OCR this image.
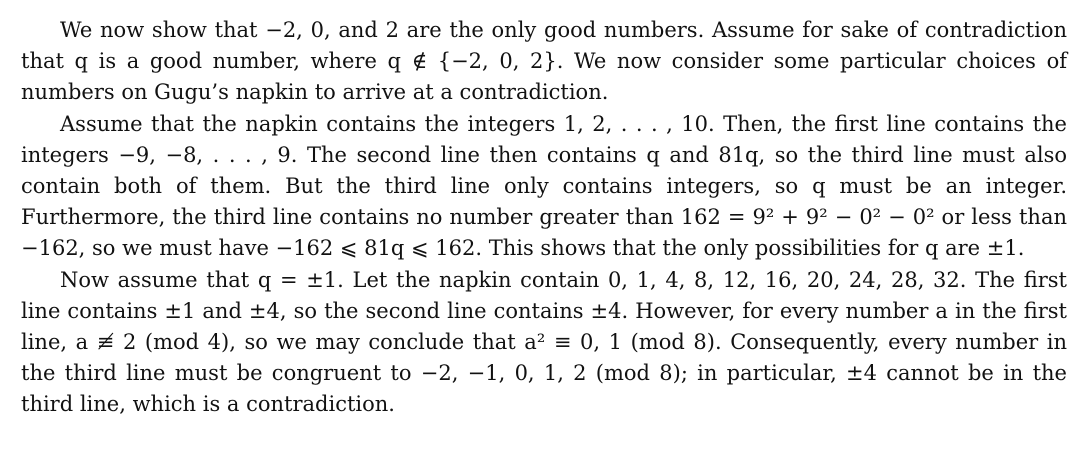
We now show that −2, 0, and 2 are the only good numbers. Assume for sake of contradiction that q is a good number, where q ∉ {−2, 0, 2}. We now consider some particular choices of numbers on Gugu’s napkin to arrive at a contradiction.

Assume that the napkin contains the integers 1, 2, . . . , 10. Then, the first line contains the integers −9, −8, . . . , 9. The second line then contains q and 81q, so the third line must also contain both of them. But the third line only contains integers, so q must be an integer. Furthermore, the third line contains no number greater than 162 = 9² + 9² − 0² − 0² or less than −162, so we must have −162 ⩽ 81q ⩽ 162. This shows that the only possibilities for q are ±1.

Now assume that q = ±1. Let the napkin contain 0, 1, 4, 8, 12, 16, 20, 24, 28, 32. The first line contains ±1 and ±4, so the second line contains ±4. However, for every number a in the first line, a ≢ 2 (mod 4), so we may conclude that a² ≡ 0, 1 (mod 8). Consequently, every number in the third line must be congruent to −2, −1, 0, 1, 2 (mod 8); in particular, ±4 cannot be in the third line, which is a contradiction.
